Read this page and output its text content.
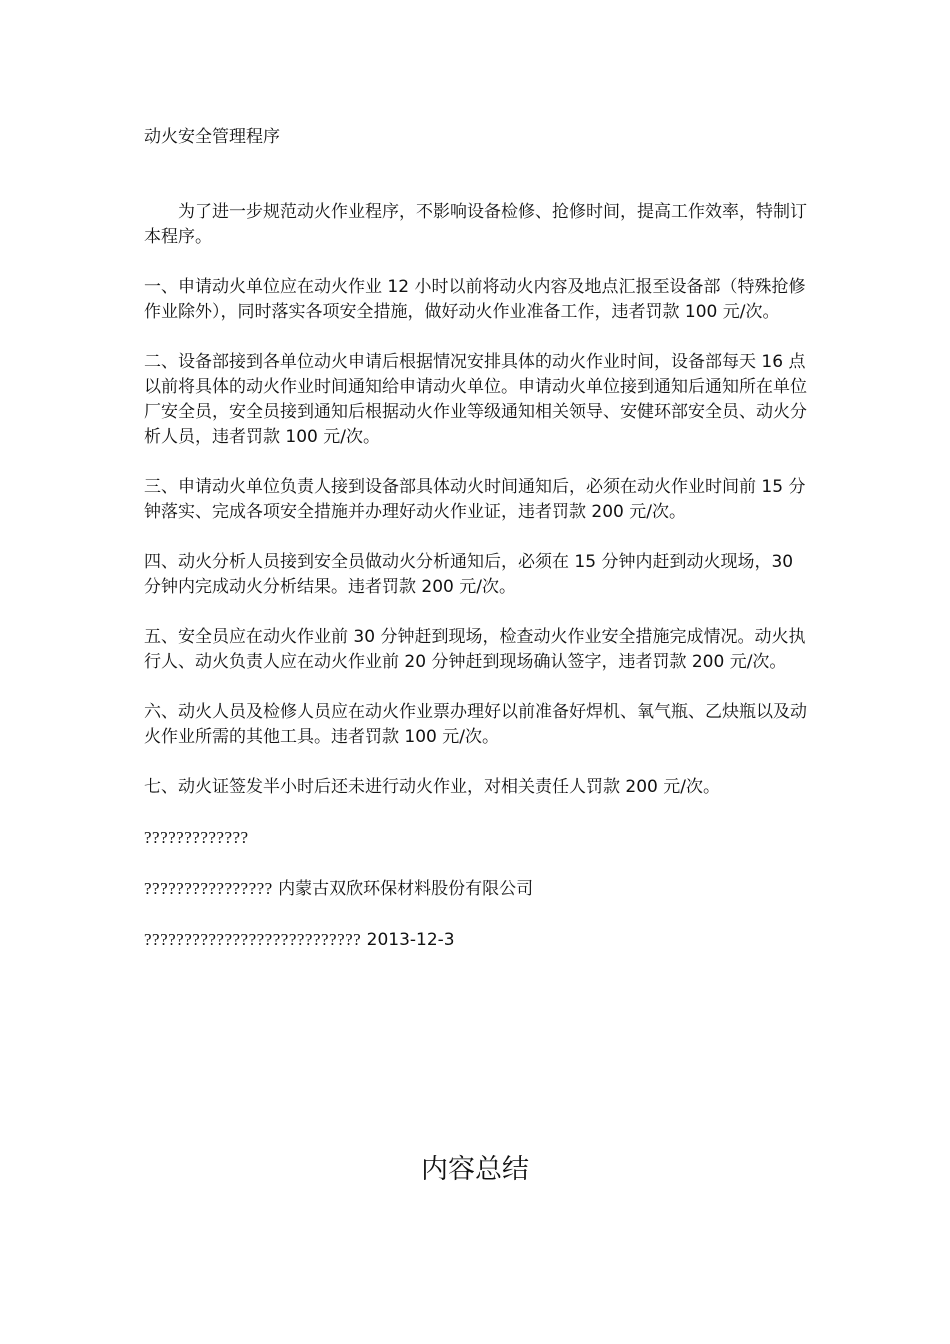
动火安全管理程序

为了进一步规范动火作业程序，不影响设备检修、抢修时间，提高工作效率，特制订本程序。

一、申请动火单位应在动火作业 12 小时以前将动火内容及地点汇报至设备部（特殊抢修作业除外），同时落实各项安全措施，做好动火作业准备工作，违者罚款 100 元/次。

二、设备部接到各单位动火申请后根据情况安排具体的动火作业时间，设备部每天 16 点以前将具体的动火作业时间通知给申请动火单位。申请动火单位接到通知后通知所在单位厂安全员，安全员接到通知后根据动火作业等级通知相关领导、安健环部安全员、动火分析人员，违者罚款 100 元/次。

三、申请动火单位负责人接到设备部具体动火时间通知后，必须在动火作业时间前 15 分钟落实、完成各项安全措施并办理好动火作业证，违者罚款 200 元/次。

四、动火分析人员接到安全员做动火分析通知后，必须在 15 分钟内赶到动火现场，30 分钟内完成动火分析结果。违者罚款 200 元/次。

五、安全员应在动火作业前 30 分钟赶到现场，检查动火作业安全措施完成情况。动火执行人、动火负责人应在动火作业前 20 分钟赶到现场确认签字，违者罚款 200 元/次。

六、动火人员及检修人员应在动火作业票办理好以前准备好焊机、氧气瓶、乙炔瓶以及动火作业所需的其他工具。违者罚款 100 元/次。

七、动火证签发半小时后还未进行动火作业，对相关责任人罚款 200 元/次。

?????????????

???????????????? 内蒙古双欣环保材料股份有限公司

??????????????????????????? 2013-12-3

内容总结
